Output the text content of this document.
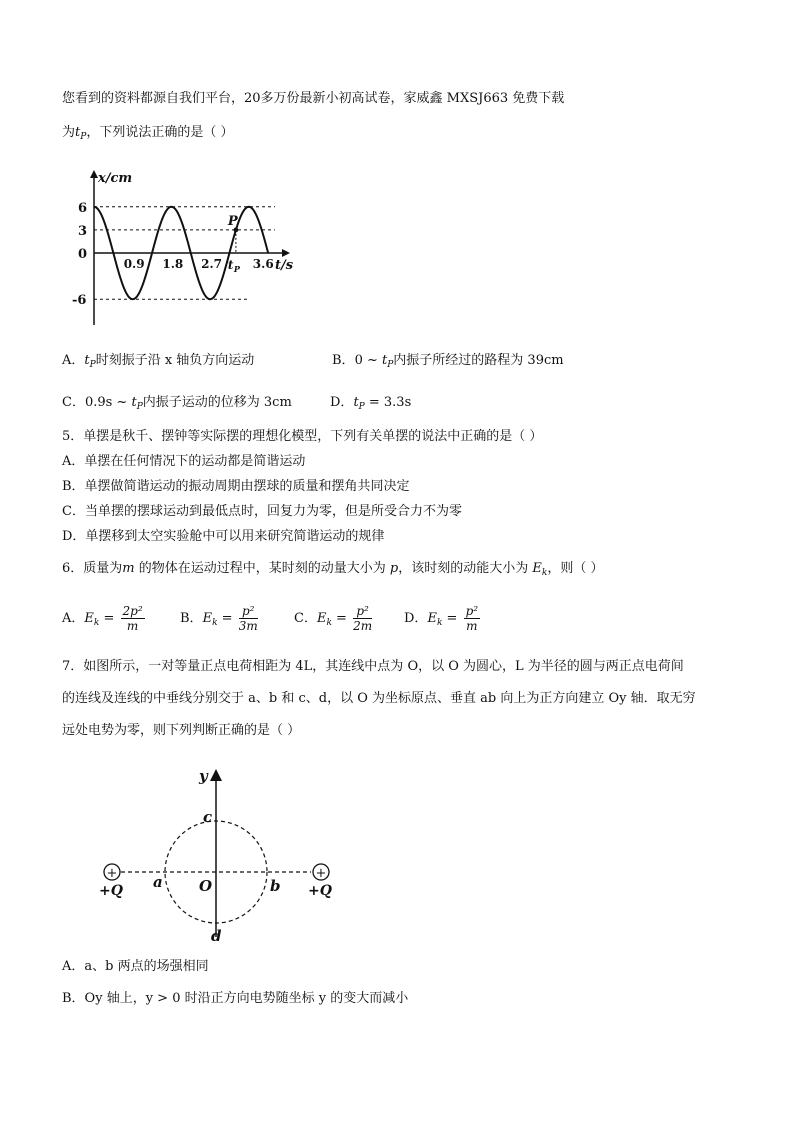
您看到的资料都源自我们平台，20多万份最新小初高试卷，家威鑫 MXSJ663 免费下载
为$t_P$，下列说法正确的是（ ）
P
6
3
0
-6
0.9 1.8 2.7	3.6
t P
x/cm
t/s
A．$t_P$时刻振子沿 x 轴负方向运动	B．0 ~ $t_P$内振子所经过的路程为 39cm
C．0.9s ~ $t_P$内振子运动的位移为 3cm	D．$t_P = 3.3s$
5．单摆是秋千、摆钟等实际摆的理想化模型，下列有关单摆的说法中正确的是（ ）
A．单摆在任何情况下的运动都是简谐运动
B．单摆做简谐运动的振动周期由摆球的质量和摆角共同决定
C．当单摆的摆球运动到最低点时，回复力为零，但是所受合力不为零
D．单摆移到太空实验舱中可以用来研究简谐运动的规律
6．质量为m 的物体在运动过程中，某时刻的动量大小为 p，该时刻的动能大小为 $E_k$，则（ ）
A．$E_k = \frac{\text{2p²}}{m}$	B．$E_k = \frac{\text{p²}}{3m}$	C．$E_k = \frac{\text{p²}}{2m}$ D．$E_k = \frac{\text{p²}}{m}$
7．如图所示，一对等量正点电荷相距为 4L，其连线中点为 O，以 O 为圆心，L 为半径的圆与两正点电荷间
的连线及连线的中垂线分别交于 a、b 和 c、d，以 O 为坐标原点、垂直 ab 向上为正方向建立 Oy 轴．取无穷
远处电势为零，则下列判断正确的是（ ）
+	+
+Q	+Q
y
c
d
a	b
O
A．a、b 两点的场强相同
B．Oy 轴上，y > 0 时沿正方向电势随坐标 y 的变大而减小
